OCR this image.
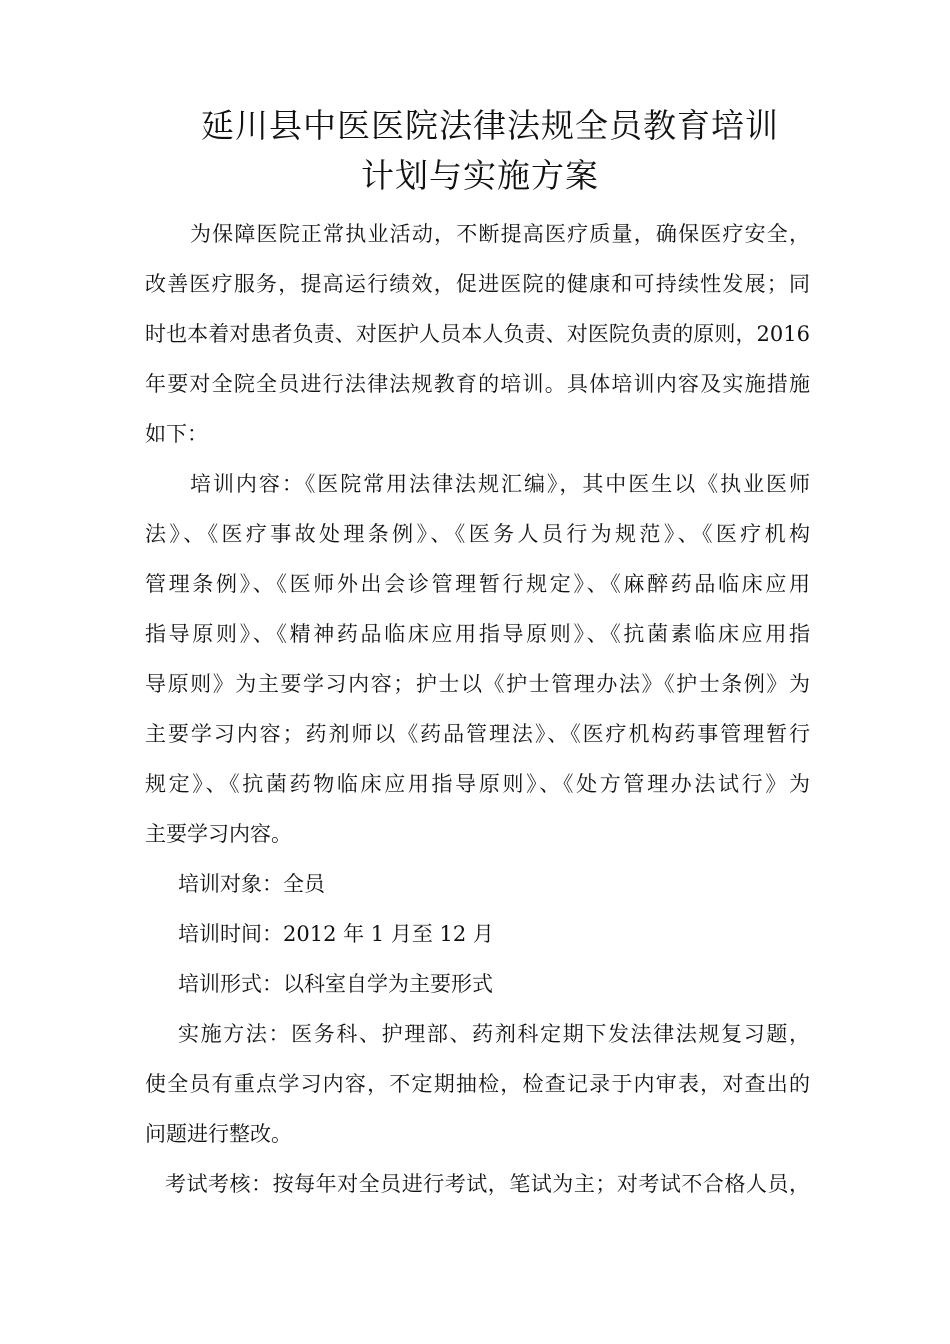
延川县中医医院法律法规全员教育培训
计划与实施方案
为保障医院正常执业活动，不断提高医疗质量，确保医疗安全，
改善医疗服务，提高运行绩效，促进医院的健康和可持续性发展；同
时也本着对患者负责、对医护人员本人负责、对医院负责的原则，2016
年要对全院全员进行法律法规教育的培训。具体培训内容及实施措施
如下：
培训内容：《医院常用法律法规汇编》，其中医生以《执业医师
法》、《医疗事故处理条例》、《医务人员行为规范》、《医疗机构
管理条例》、《医师外出会诊管理暂行规定》、《麻醉药品临床应用
指导原则》、《精神药品临床应用指导原则》、《抗菌素临床应用指
导原则》为主要学习内容；护士以《护士管理办法》《护士条例》为
主要学习内容；药剂师以《药品管理法》、《医疗机构药事管理暂行
规定》、《抗菌药物临床应用指导原则》、《处方管理办法试行》为
主要学习内容。
培训对象：全员
培训时间：2012 年 1 月至 12 月
培训形式：以科室自学为主要形式
实施方法：医务科、护理部、药剂科定期下发法律法规复习题，
使全员有重点学习内容，不定期抽检，检查记录于内审表，对查出的
问题进行整改。
考试考核：按每年对全员进行考试，笔试为主；对考试不合格人员，
